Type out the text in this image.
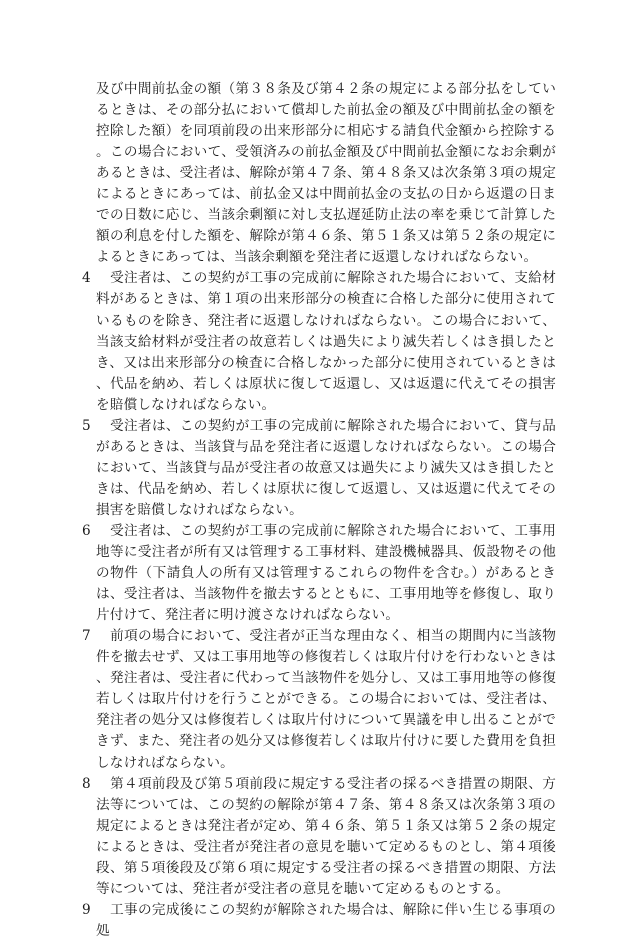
及び中間前払金の額（第３８条及び第４２条の規定による部分払をしているときは、その部分払において償却した前払金の額及び中間前払金の額を控除した額）を同項前段の出来形部分に相応する請負代金額から控除する。この場合において、受領済みの前払金額及び中間前払金額になお余剰があるときは、受注者は、解除が第４７条、第４８条又は次条第３項の規定によるときにあっては、前払金又は中間前払金の支払の日から返還の日までの日数に応じ、当該余剰額に対し支払遅延防止法の率を乗じて計算した額の利息を付した額を、解除が第４６条、第５１条又は第５２条の規定によるときにあっては、当該余剰額を発注者に返還しなければならない。

4　 受注者は、この契約が工事の完成前に解除された場合において、支給材料があるときは、第１項の出来形部分の検査に合格した部分に使用されているものを除き、発注者に返還しなければならない。この場合において、当該支給材料が受注者の故意若しくは過失により滅失若しくはき損したとき、又は出来形部分の検査に合格しなかった部分に使用されているときは、代品を納め、若しくは原状に復して返還し、又は返還に代えてその損害を賠償しなければならない。

5　 受注者は、この契約が工事の完成前に解除された場合において、貸与品があるときは、当該貸与品を発注者に返還しなければならない。この場合において、当該貸与品が受注者の故意又は過失により滅失又はき損したときは、代品を納め、若しくは原状に復して返還し、又は返還に代えてその損害を賠償しなければならない。

6　 受注者は、この契約が工事の完成前に解除された場合において、工事用地等に受注者が所有又は管理する工事材料、建設機械器具、仮設物その他の物件（下請負人の所有又は管理するこれらの物件を含む。）があるときは、受注者は、当該物件を撤去するとともに、工事用地等を修復し、取り片付けて、発注者に明け渡さなければならない。

7　 前項の場合において、受注者が正当な理由なく、相当の期間内に当該物件を撤去せず、又は工事用地等の修復若しくは取片付けを行わないときは、発注者は、受注者に代わって当該物件を処分し、又は工事用地等の修復若しくは取片付けを行うことができる。この場合においては、受注者は、発注者の処分又は修復若しくは取片付けについて異議を申し出ることができず、また、発注者の処分又は修復若しくは取片付けに要した費用を負担しなければならない。

8　 第４項前段及び第５項前段に規定する受注者の採るべき措置の期限、方法等については、この契約の解除が第４７条、第４８条又は次条第３項の規定によるときは発注者が定め、第４６条、第５１条又は第５２条の規定によるときは、受注者が発注者の意見を聴いて定めるものとし、第４項後段、第５項後段及び第６項に規定する受注者の採るべき措置の期限、方法等については、発注者が受注者の意見を聴いて定めるものとする。

9　 工事の完成後にこの契約が解除された場合は、解除に伴い生じる事項の処
